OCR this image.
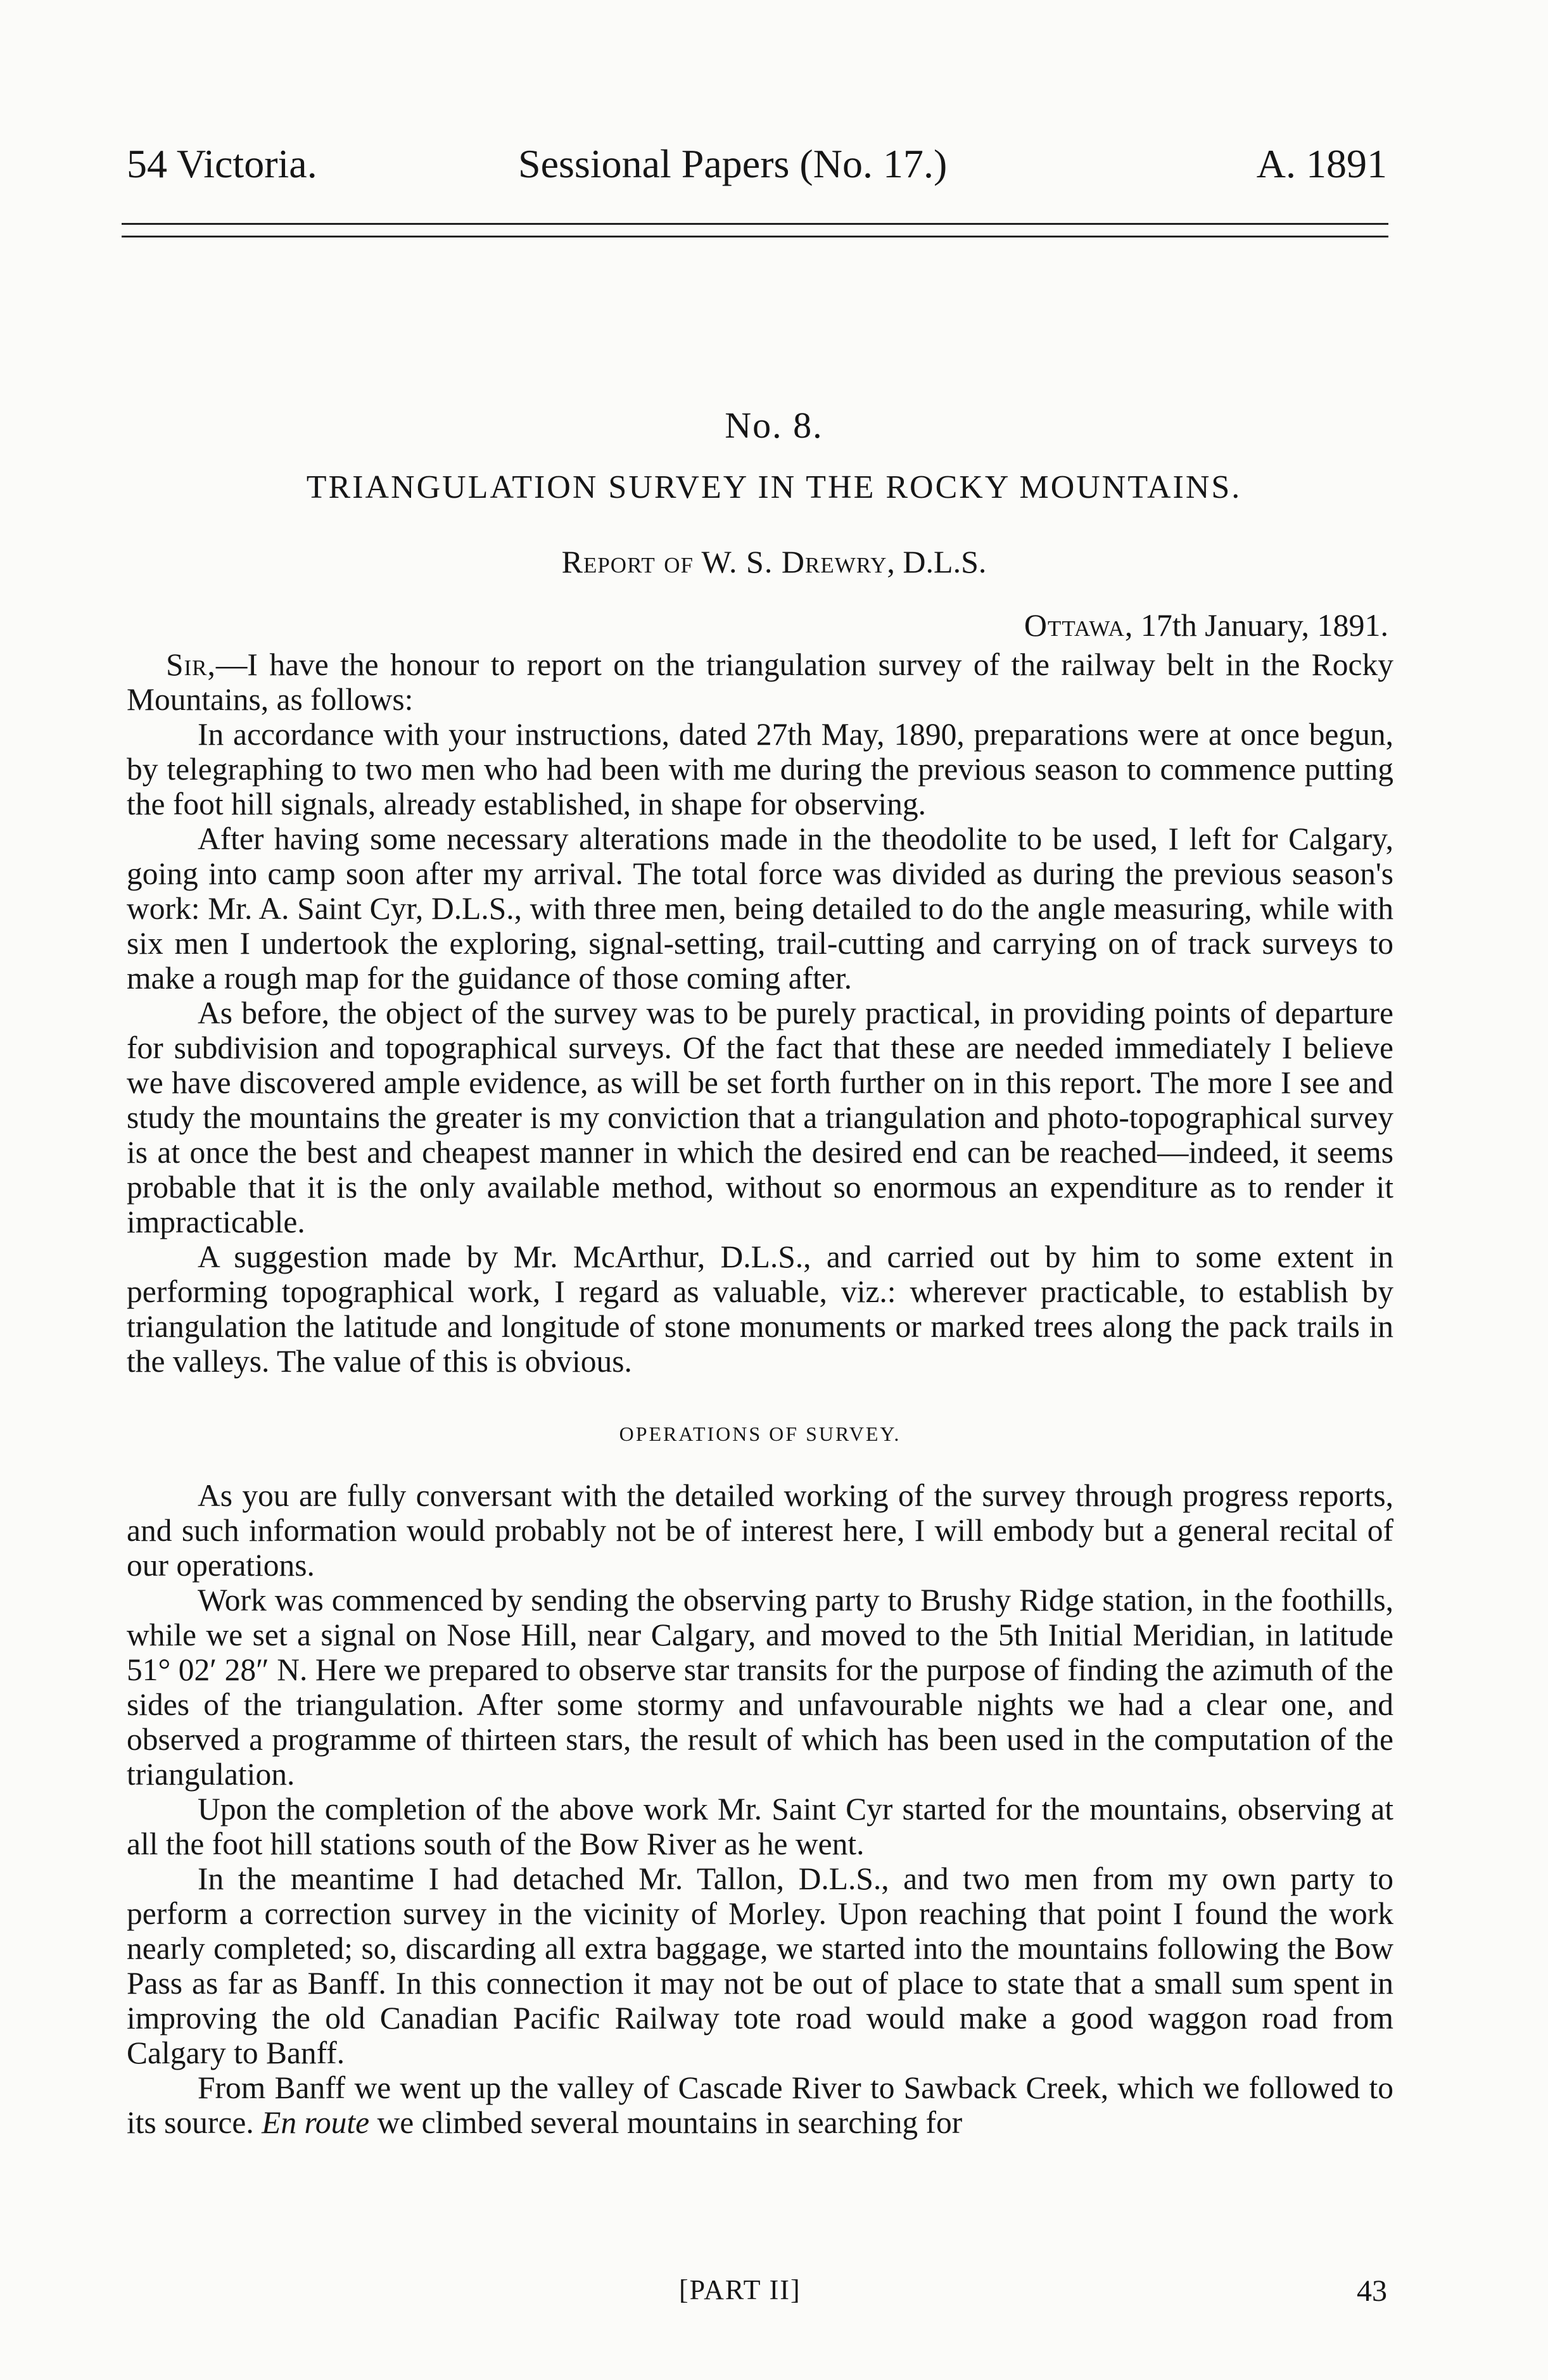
54 Victoria.	Sessional Papers (No. 17.)	A. 1891
No. 8.
TRIANGULATION SURVEY IN THE ROCKY MOUNTAINS.
Report of W. S. Drewry, D.L.S.
Ottawa, 17th January, 1891.

Sir,—I have the honour to report on the triangulation survey of the railway belt in the Rocky Mountains, as follows:

In accordance with your instructions, dated 27th May, 1890, preparations were at once begun, by telegraphing to two men who had been with me during the previous season to commence putting the foot hill signals, already established, in shape for observing.

After having some necessary alterations made in the theodolite to be used, I left for Calgary, going into camp soon after my arrival. The total force was divided as during the previous season's work: Mr. A. Saint Cyr, D.L.S., with three men, being detailed to do the angle measuring, while with six men I undertook the exploring, signal-setting, trail-cutting and carrying on of track surveys to make a rough map for the guidance of those coming after.

As before, the object of the survey was to be purely practical, in providing points of departure for subdivision and topographical surveys. Of the fact that these are needed immediately I believe we have discovered ample evidence, as will be set forth further on in this report. The more I see and study the mountains the greater is my conviction that a triangulation and photo-topographical survey is at once the best and cheapest manner in which the desired end can be reached—indeed, it seems probable that it is the only available method, without so enormous an expenditure as to render it impracticable.

A suggestion made by Mr. McArthur, D.L.S., and carried out by him to some extent in performing topographical work, I regard as valuable, viz.: wherever practicable, to establish by triangulation the latitude and longitude of stone monuments or marked trees along the pack trails in the valleys. The value of this is obvious.

OPERATIONS OF SURVEY.

As you are fully conversant with the detailed working of the survey through progress reports, and such information would probably not be of interest here, I will embody but a general recital of our operations.

Work was commenced by sending the observing party to Brushy Ridge station, in the foothills, while we set a signal on Nose Hill, near Calgary, and moved to the 5th Initial Meridian, in latitude 51° 02′ 28″ N. Here we prepared to observe star transits for the purpose of finding the azimuth of the sides of the triangulation. After some stormy and unfavourable nights we had a clear one, and observed a programme of thirteen stars, the result of which has been used in the computation of the triangulation.

Upon the completion of the above work Mr. Saint Cyr started for the mountains, observing at all the foot hill stations south of the Bow River as he went.

In the meantime I had detached Mr. Tallon, D.L.S., and two men from my own party to perform a correction survey in the vicinity of Morley. Upon reaching that point I found the work nearly completed; so, discarding all extra baggage, we started into the mountains following the Bow Pass as far as Banff. In this connection it may not be out of place to state that a small sum spent in improving the old Canadian Pacific Railway tote road would make a good waggon road from Calgary to Banff.

From Banff we went up the valley of Cascade River to Sawback Creek, which we followed to its source. En route we climbed several mountains in searching for

[PART II]	43
